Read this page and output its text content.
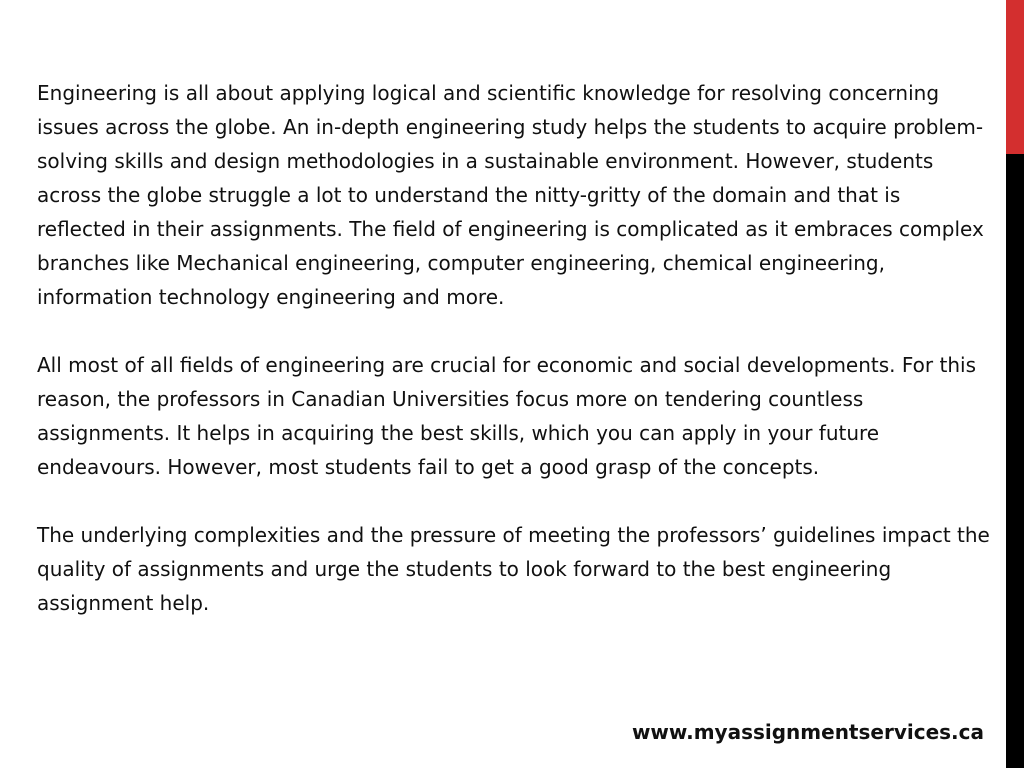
Engineering is all about applying logical and scientific knowledge for resolving concerning issues across the globe. An in-depth engineering study helps the students to acquire problem-solving skills and design methodologies in a sustainable environment. However, students across the globe struggle a lot to understand the nitty-gritty of the domain and that is reflected in their assignments. The field of engineering is complicated as it embraces complex branches like Mechanical engineering, computer engineering, chemical engineering, information technology engineering and more.

All most of all fields of engineering are crucial for economic and social developments. For this reason, the professors in Canadian Universities focus more on tendering countless assignments. It helps in acquiring the best skills, which you can apply in your future endeavours. However, most students fail to get a good grasp of the concepts.

The underlying complexities and the pressure of meeting the professors’ guidelines impact the quality of assignments and urge the students to look forward to the best engineering assignment help.

www.myassignmentservices.ca
